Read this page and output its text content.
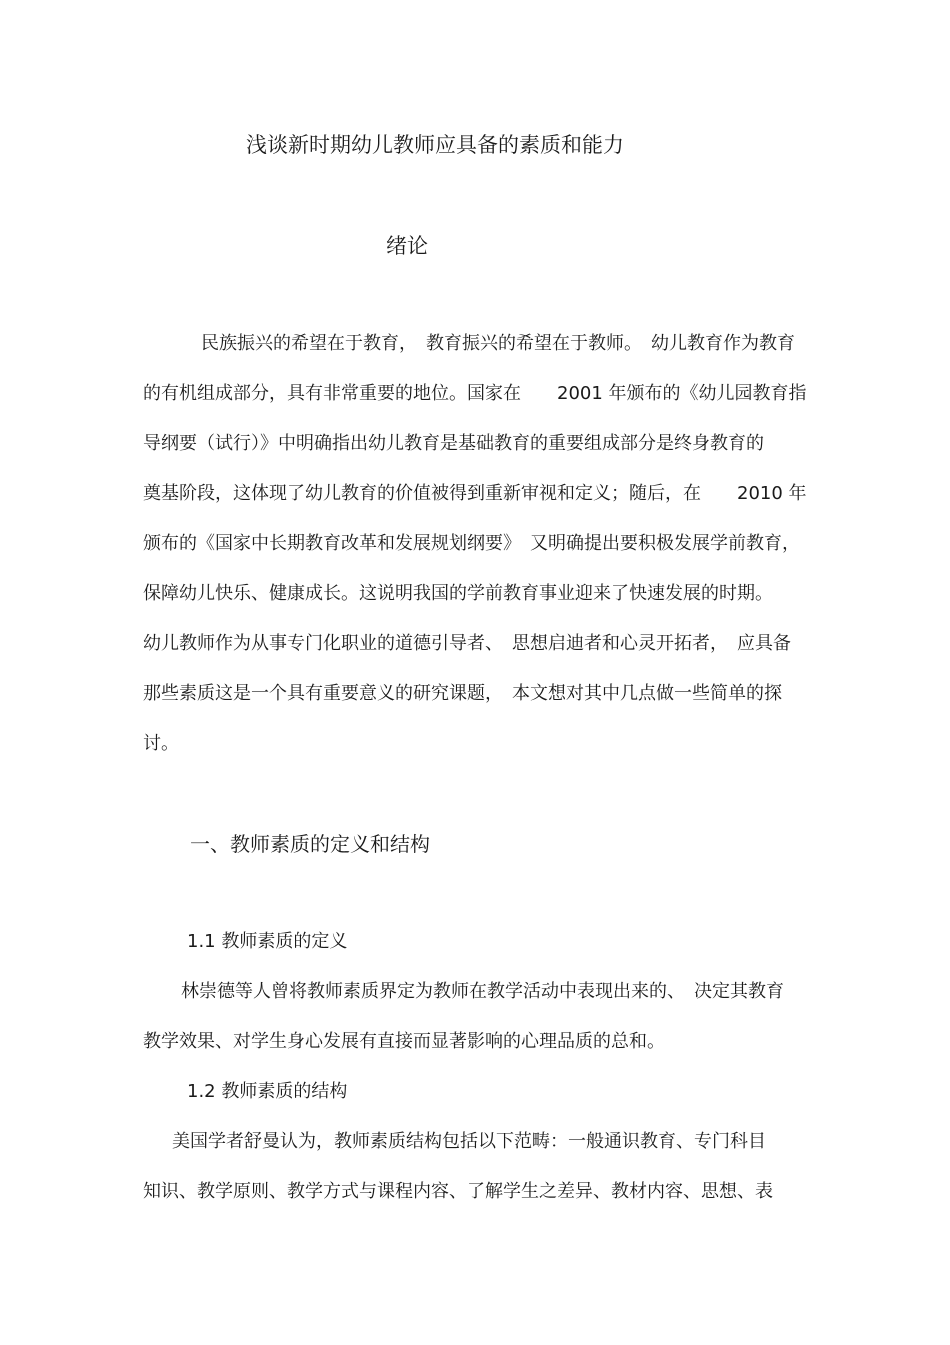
浅谈新时期幼儿教师应具备的素质和能力
绪论
民族振兴的希望在于教育，　教育振兴的希望在于教师。　幼儿教育作为教育
的有机组成部分，具有非常重要的地位。国家在　　2001 年颁布的《幼儿园教育指
导纲要（试行）》中明确指出幼儿教育是基础教育的重要组成部分是终身教育的
奠基阶段，这体现了幼儿教育的价值被得到重新审视和定义；随后，在　　2010 年
颁布的《国家中长期教育改革和发展规划纲要》　又明确提出要积极发展学前教育，
保障幼儿快乐、健康成长。这说明我国的学前教育事业迎来了快速发展的时期。
幼儿教师作为从事专门化职业的道德引导者、　思想启迪者和心灵开拓者，　应具备
那些素质这是一个具有重要意义的研究课题，　本文想对其中几点做一些简单的探
讨。
一、教师素质的定义和结构
1.1 教师素质的定义
林崇德等人曾将教师素质界定为教师在教学活动中表现出来的、　决定其教育
教学效果、对学生身心发展有直接而显著影响的心理品质的总和。
1.2 教师素质的结构
美国学者舒曼认为，教师素质结构包括以下范畴：一般通识教育、专门科目
知识、教学原则、教学方式与课程内容、了解学生之差异、教材内容、思想、表
